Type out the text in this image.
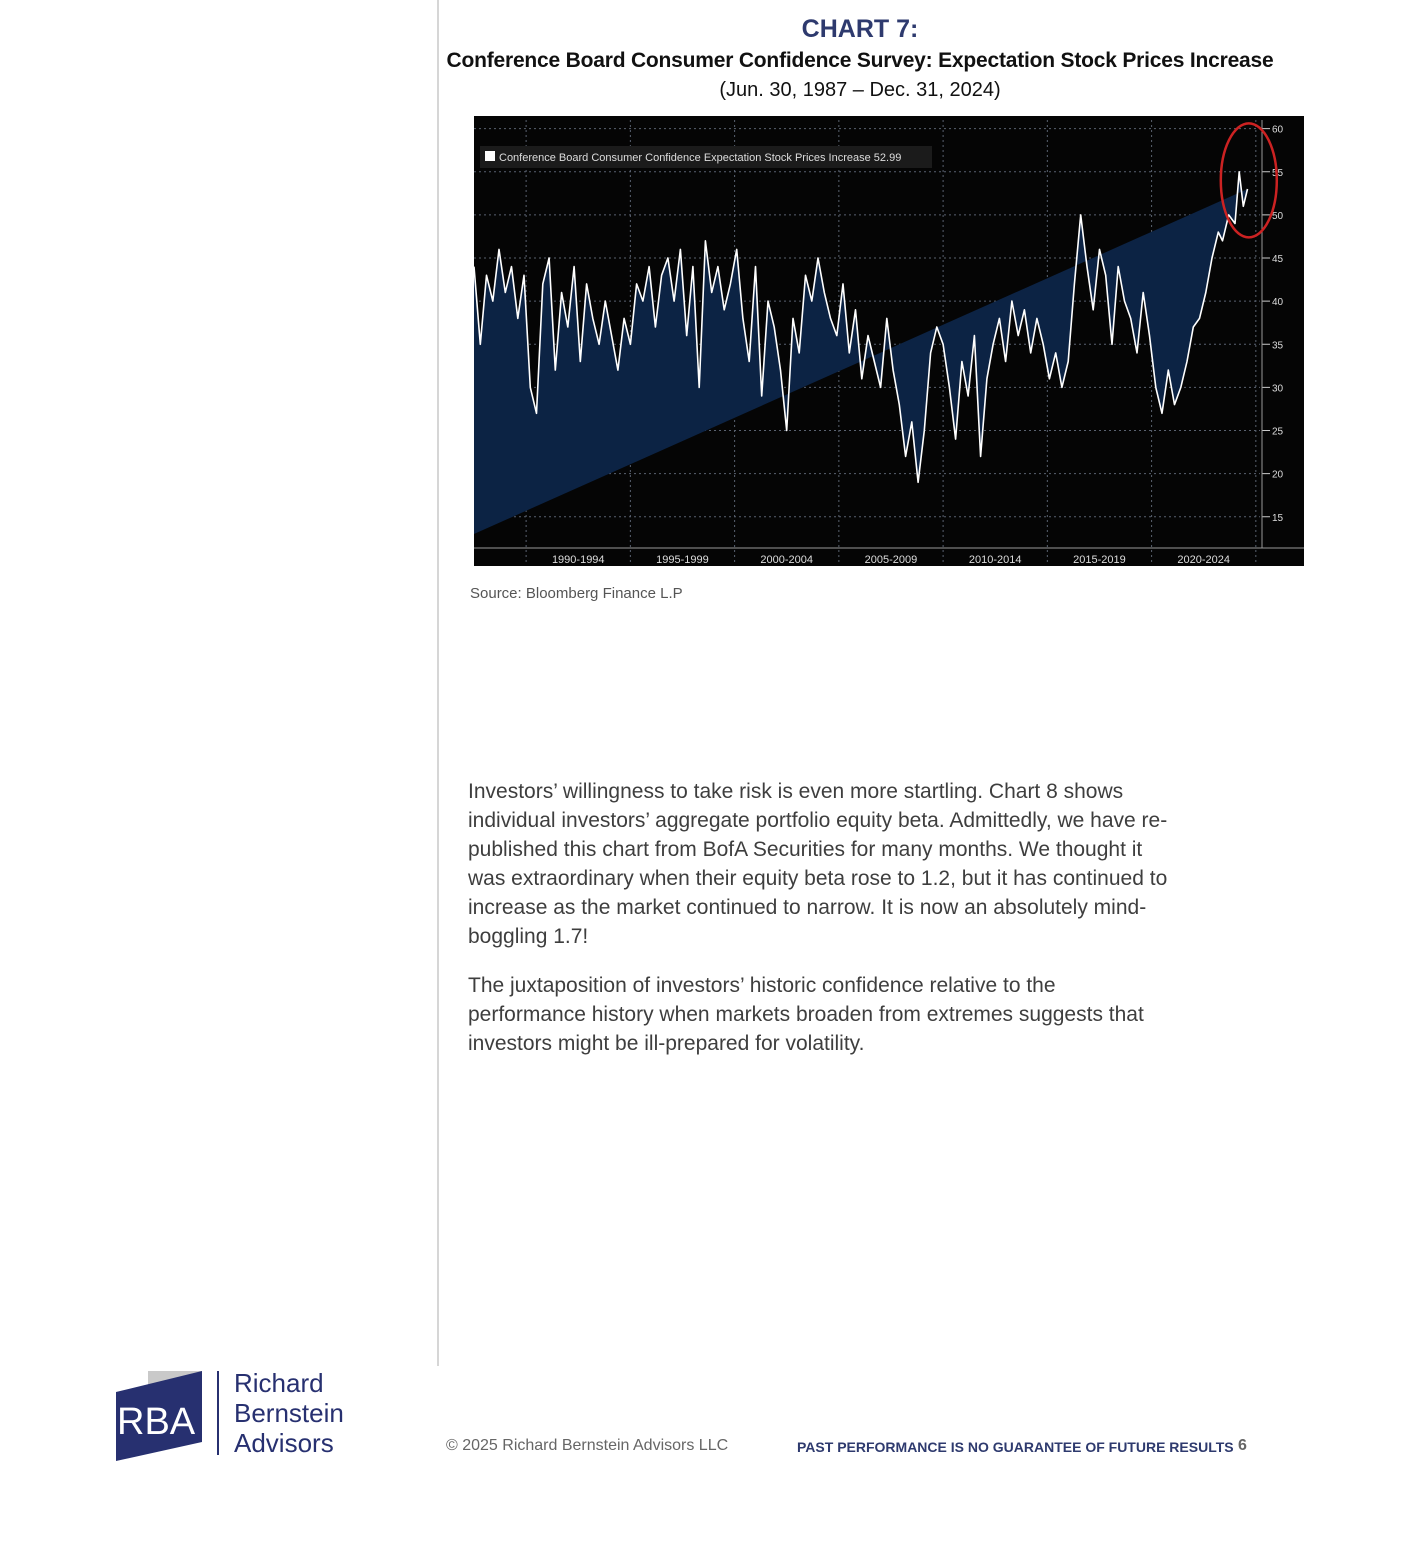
CHART 7:
Conference Board Consumer Confidence Survey: Expectation Stock Prices Increase
(Jun. 30, 1987 – Dec. 31, 2024)
60
55
50
45
40
35
30
25
20
15
1990-1994	1995-1999	2000-2004	2005-2009	2010-2014	2015-2019	2020-2024
Conference Board Consumer Confidence Expectation Stock Prices Increase 52.99
Source: Bloomberg Finance L.P

Investors’ willingness to take risk is even more startling. Chart 8 shows individual investors’ aggregate portfolio equity beta. Admittedly, we have re-published this chart from BofA Securities for many months. We thought it was extraordinary when their equity beta rose to 1.2, but it has continued to increase as the market continued to narrow. It is now an absolutely mind-boggling 1.7!

The juxtaposition of investors’ historic confidence relative to the performance history when markets broaden from extremes suggests that investors might be ill-prepared for volatility.

RBA
Richard
Bernstein
Advisors	© 2025 Richard Bernstein Advisors LLC	PAST PERFORMANCE IS NO GUARANTEE OF FUTURE RESULTS 6
